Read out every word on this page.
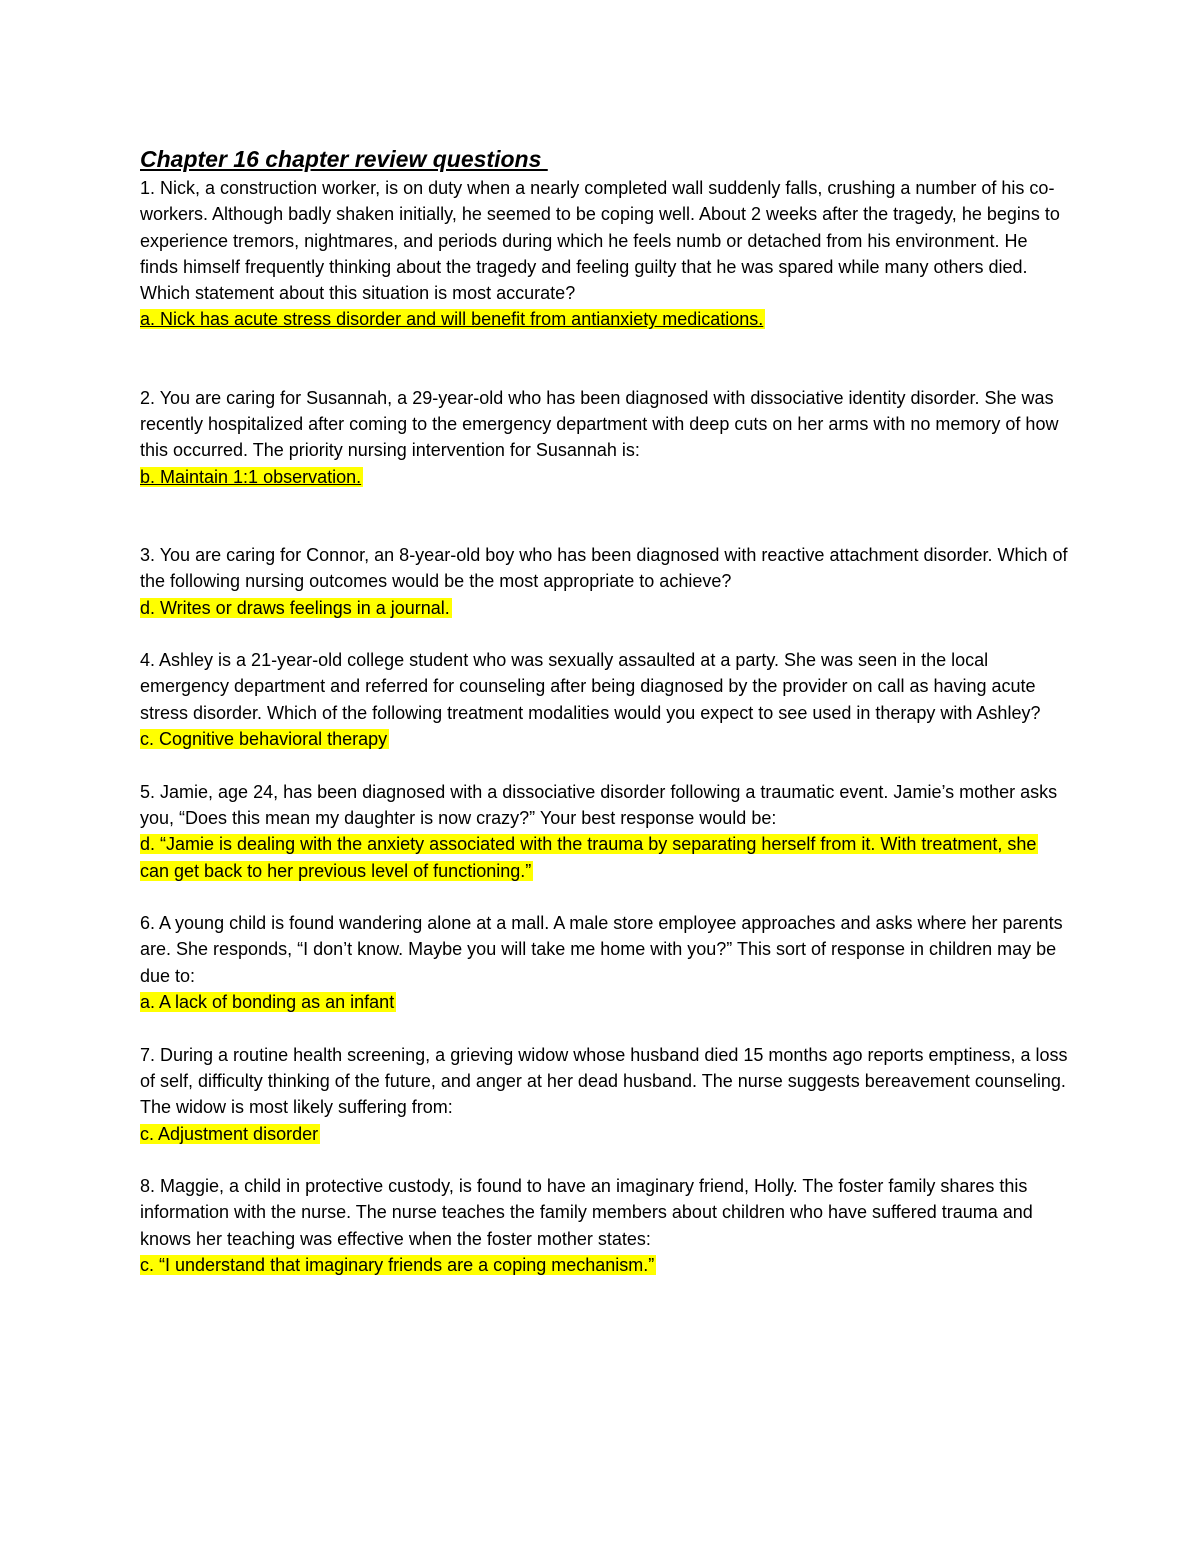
Chapter 16 chapter review questions

1. Nick, a construction worker, is on duty when a nearly completed wall suddenly falls, crushing a number of his co-workers. Although badly shaken initially, he seemed to be coping well. About 2 weeks after the tragedy, he begins to experience tremors, nightmares, and periods during which he feels numb or detached from his environment. He finds himself frequently thinking about the tragedy and feeling guilty that he was spared while many others died. Which statement about this situation is most accurate?

a. Nick has acute stress disorder and will benefit from antianxiety medications.

2. You are caring for Susannah, a 29-year-old who has been diagnosed with dissociative identity disorder. She was recently hospitalized after coming to the emergency department with deep cuts on her arms with no memory of how this occurred. The priority nursing intervention for Susannah is:

b. Maintain 1:1 observation.

3. You are caring for Connor, an 8-year-old boy who has been diagnosed with reactive attachment disorder. Which of the following nursing outcomes would be the most appropriate to achieve?

d. Writes or draws feelings in a journal.

4. Ashley is a 21-year-old college student who was sexually assaulted at a party. She was seen in the local emergency department and referred for counseling after being diagnosed by the provider on call as having acute stress disorder. Which of the following treatment modalities would you expect to see used in therapy with Ashley?

c. Cognitive behavioral therapy

5. Jamie, age 24, has been diagnosed with a dissociative disorder following a traumatic event. Jamie’s mother asks you, “Does this mean my daughter is now crazy?” Your best response would be:

d. “Jamie is dealing with the anxiety associated with the trauma by separating herself from it. With treatment, she can get back to her previous level of functioning.”

6. A young child is found wandering alone at a mall. A male store employee approaches and asks where her parents are. She responds, “I don’t know. Maybe you will take me home with you?” This sort of response in children may be due to:

a. A lack of bonding as an infant

7. During a routine health screening, a grieving widow whose husband died 15 months ago reports emptiness, a loss of self, difficulty thinking of the future, and anger at her dead husband. The nurse suggests bereavement counseling. The widow is most likely suffering from:

c. Adjustment disorder

8. Maggie, a child in protective custody, is found to have an imaginary friend, Holly. The foster family shares this information with the nurse. The nurse teaches the family members about children who have suffered trauma and knows her teaching was effective when the foster mother states:

c. “I understand that imaginary friends are a coping mechanism.”
